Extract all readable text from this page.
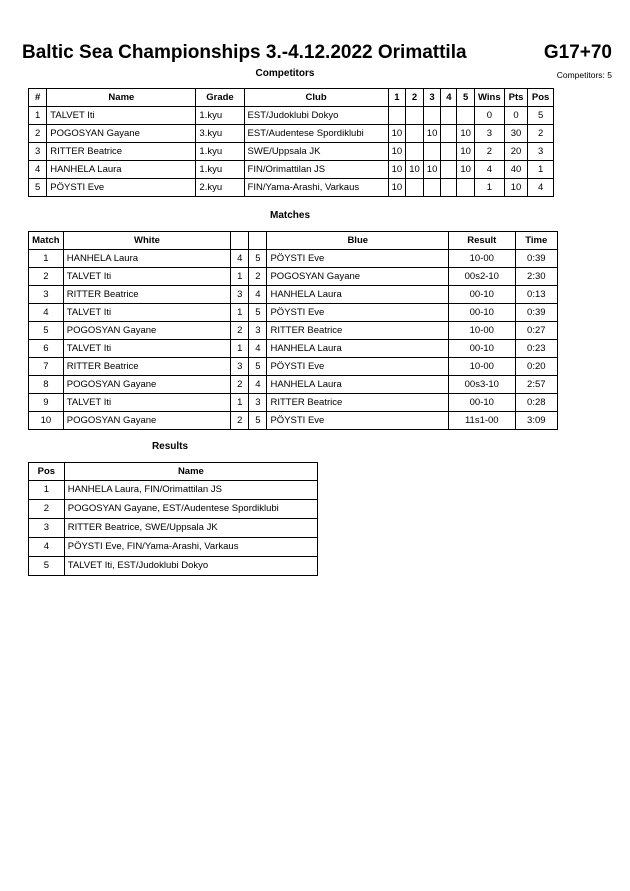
Baltic Sea Championships 3.-4.12.2022 Orimattila	G17+70
Competitors	Competitors: 5
#	Name	Grade	Club	1	2	3	4	5	Wins	Pts	Pos
1	TALVET Iti	1.kyu	EST/Judoklubi Dokyo						0	0	5
2	POGOSYAN Gayane	3.kyu	EST/Audentese Spordiklubi	10		10		10	3	30	2
3	RITTER Beatrice	1.kyu	SWE/Uppsala JK	10				10	2	20	3
4	HANHELA Laura	1.kyu	FIN/Orimattilan JS	10	10	10		10	4	40	1
5	PÖYSTI Eve	2.kyu	FIN/Yama-Arashi, Varkaus	10					1	10	4
Matches
Match	White			Blue	Result	Time
1	HANHELA Laura	4	5	PÖYSTI Eve	10-00	0:39
2	TALVET Iti	1	2	POGOSYAN Gayane	00s2-10	2:30
3	RITTER Beatrice	3	4	HANHELA Laura	00-10	0:13
4	TALVET Iti	1	5	PÖYSTI Eve	00-10	0:39
5	POGOSYAN Gayane	2	3	RITTER Beatrice	10-00	0:27
6	TALVET Iti	1	4	HANHELA Laura	00-10	0:23
7	RITTER Beatrice	3	5	PÖYSTI Eve	10-00	0:20
8	POGOSYAN Gayane	2	4	HANHELA Laura	00s3-10	2:57
9	TALVET Iti	1	3	RITTER Beatrice	00-10	0:28
10	POGOSYAN Gayane	2	5	PÖYSTI Eve	11s1-00	3:09
Results
Pos	Name
1	HANHELA Laura, FIN/Orimattilan JS
2	POGOSYAN Gayane, EST/Audentese Spordiklubi
3	RITTER Beatrice, SWE/Uppsala JK
4	PÖYSTI Eve, FIN/Yama-Arashi, Varkaus
5	TALVET Iti, EST/Judoklubi Dokyo
